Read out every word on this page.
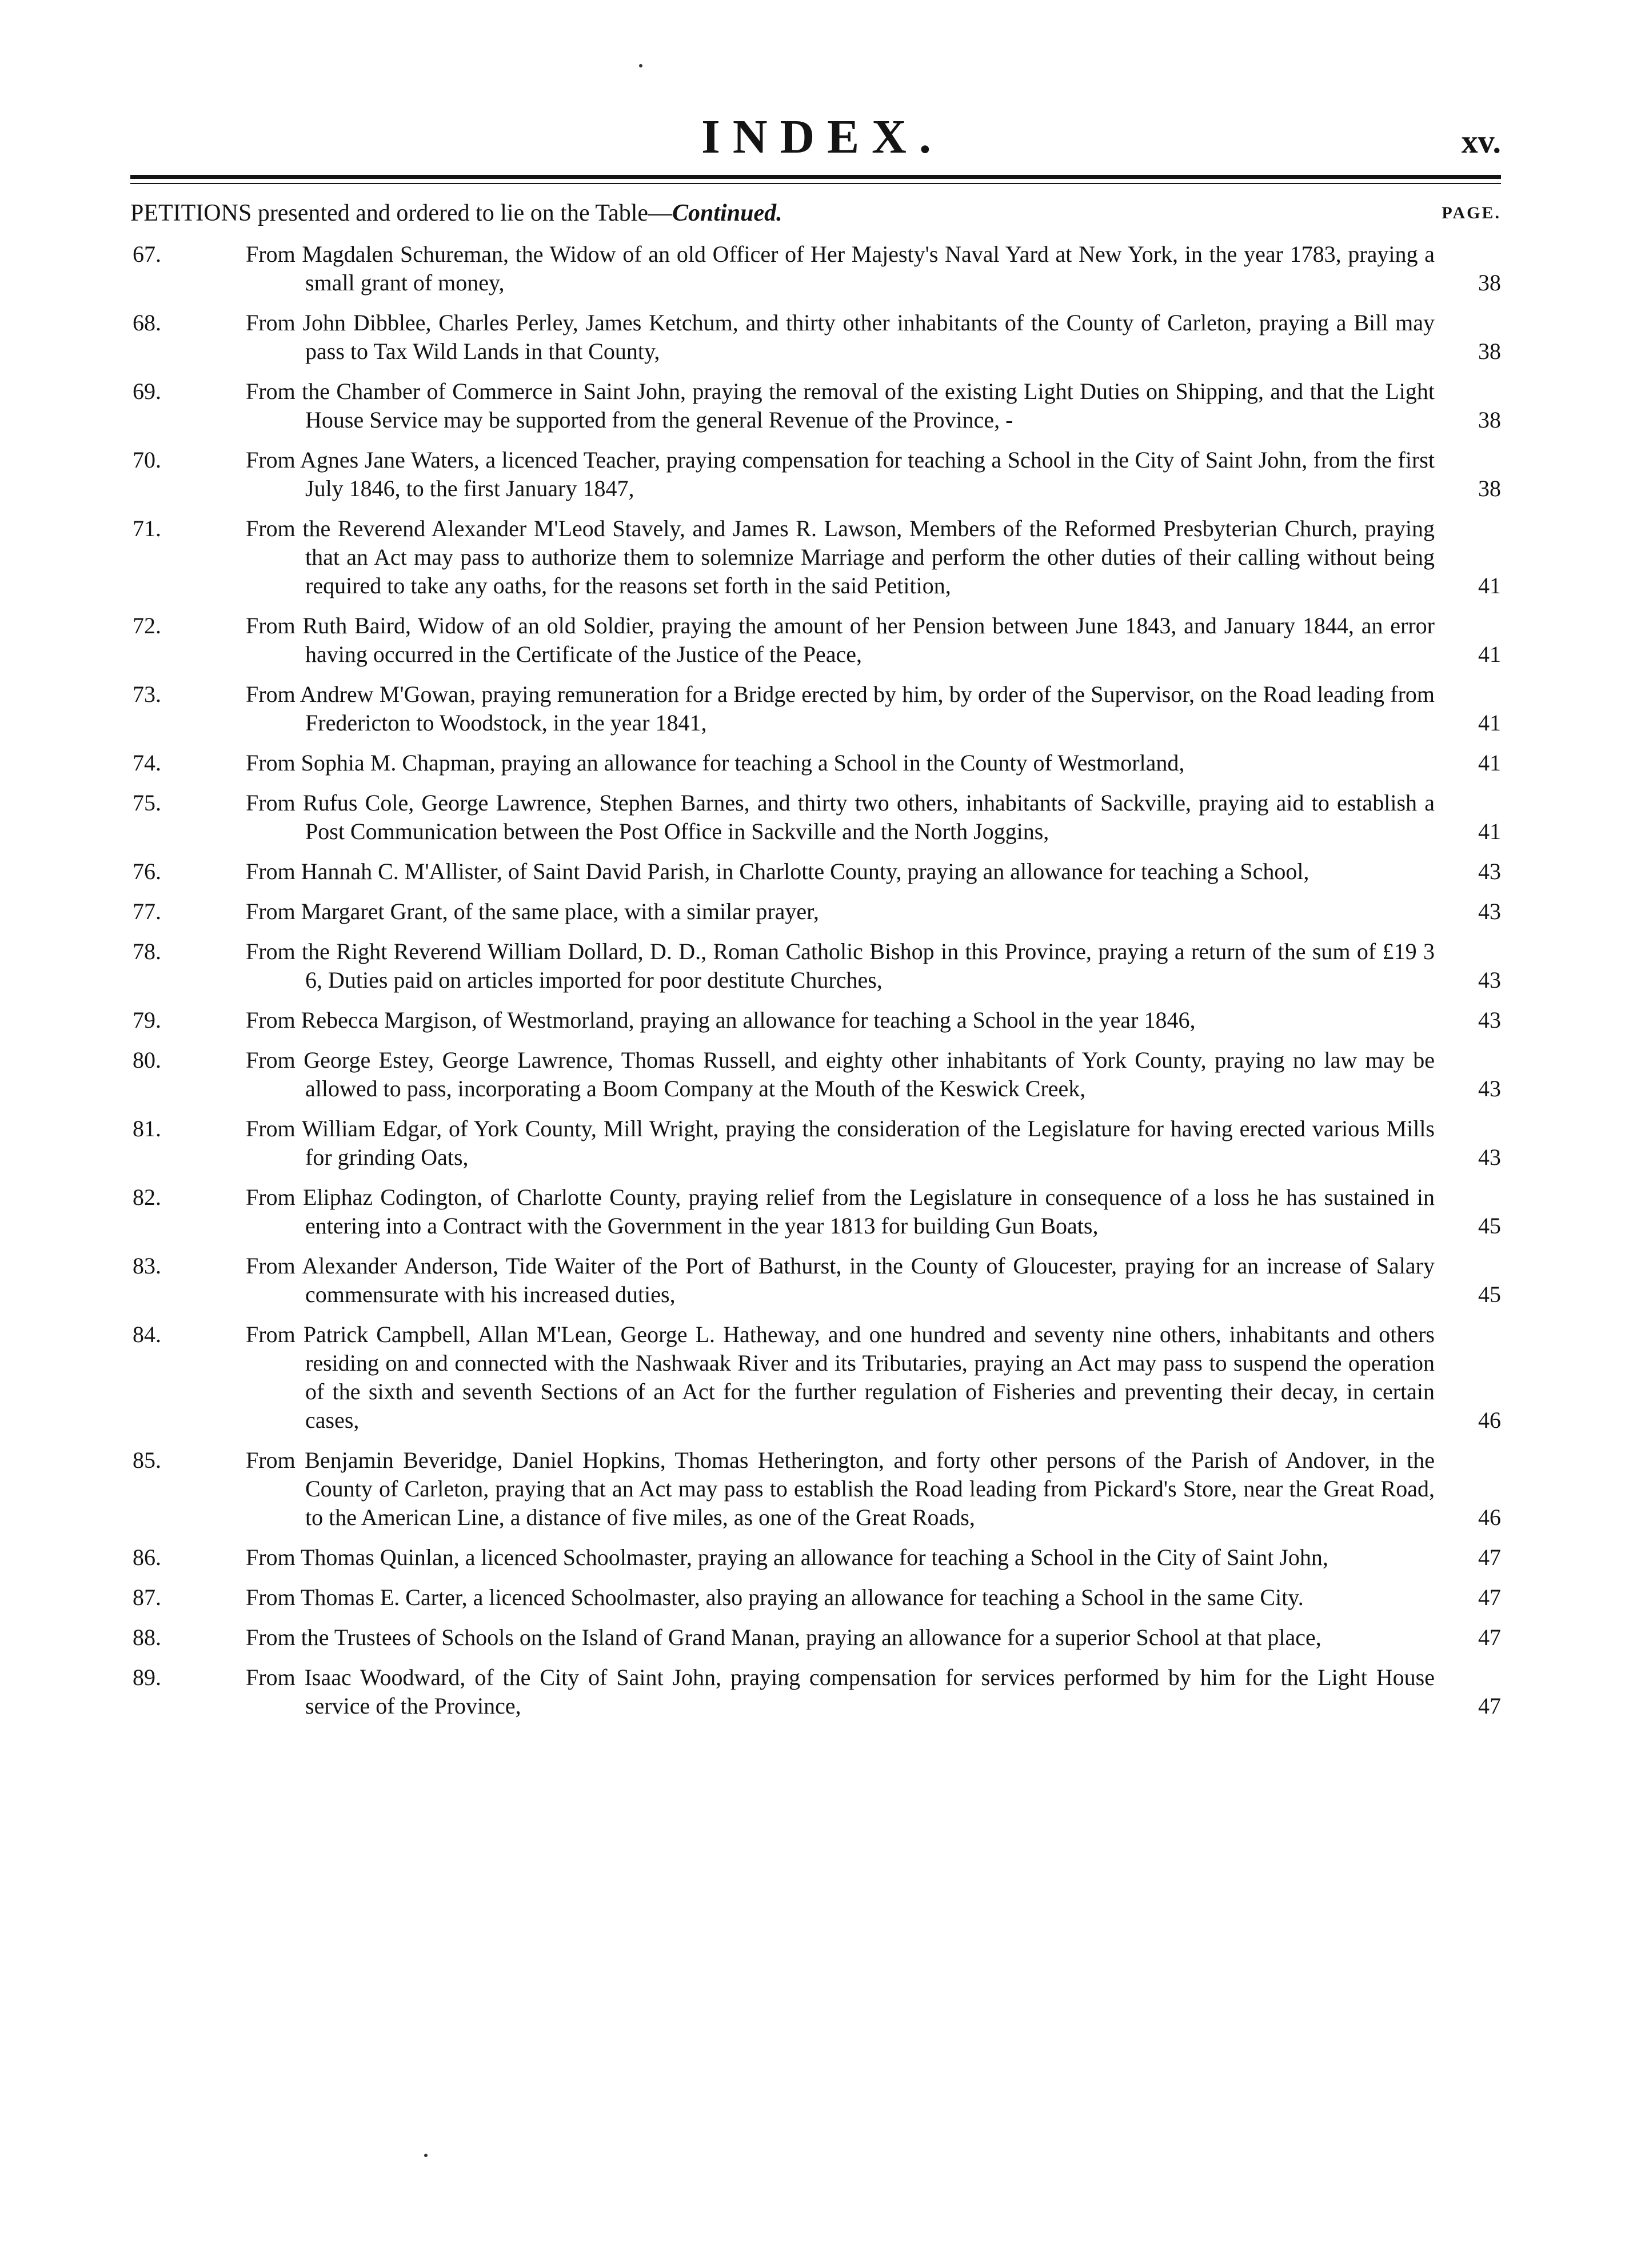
INDEX.	xv.
PETITIONS presented and ordered to lie on the Table—Continued.	PAGE.
67.	From Magdalen Schureman, the Widow of an old Officer of Her Majesty's Naval Yard at New York, in the year 1783, praying a small grant of money,	38
68.	From John Dibblee, Charles Perley, James Ketchum, and thirty other inhabitants of the County of Carleton, praying a Bill may pass to Tax Wild Lands in that County,	38
69.	From the Chamber of Commerce in Saint John, praying the removal of the existing Light Duties on Shipping, and that the Light House Service may be supported from the general Revenue of the Province, -	38
70.	From Agnes Jane Waters, a licenced Teacher, praying compensation for teaching a School in the City of Saint John, from the first July 1846, to the first January 1847,	38
71.	From the Reverend Alexander M'Leod Stavely, and James R. Lawson, Members of the Reformed Presbyterian Church, praying that an Act may pass to authorize them to solemnize Marriage and perform the other duties of their calling without being required to take any oaths, for the reasons set forth in the said Petition,	41
72.	From Ruth Baird, Widow of an old Soldier, praying the amount of her Pension between June 1843, and January 1844, an error having occurred in the Certificate of the Justice of the Peace,	41
73.	From Andrew M'Gowan, praying remuneration for a Bridge erected by him, by order of the Supervisor, on the Road leading from Fredericton to Woodstock, in the year 1841,	41
74.	From Sophia M. Chapman, praying an allowance for teaching a School in the County of Westmorland,	41
75.	From Rufus Cole, George Lawrence, Stephen Barnes, and thirty two others, inhabitants of Sackville, praying aid to establish a Post Communication between the Post Office in Sackville and the North Joggins,	41
76.	From Hannah C. M'Allister, of Saint David Parish, in Charlotte County, praying an allowance for teaching a School,	43
77.	From Margaret Grant, of the same place, with a similar prayer,	43
78.	From the Right Reverend William Dollard, D. D., Roman Catholic Bishop in this Province, praying a return of the sum of £19 3 6, Duties paid on articles imported for poor destitute Churches,	43
79.	From Rebecca Margison, of Westmorland, praying an allowance for teaching a School in the year 1846,	43
80.	From George Estey, George Lawrence, Thomas Russell, and eighty other inhabitants of York County, praying no law may be allowed to pass, incorporating a Boom Company at the Mouth of the Keswick Creek,	43
81.	From William Edgar, of York County, Mill Wright, praying the consideration of the Legislature for having erected various Mills for grinding Oats,	43
82.	From Eliphaz Codington, of Charlotte County, praying relief from the Legislature in consequence of a loss he has sustained in entering into a Contract with the Government in the year 1813 for building Gun Boats,	45
83.	From Alexander Anderson, Tide Waiter of the Port of Bathurst, in the County of Gloucester, praying for an increase of Salary commensurate with his increased duties,	45
84.	From Patrick Campbell, Allan M'Lean, George L. Hatheway, and one hundred and seventy nine others, inhabitants and others residing on and connected with the Nashwaak River and its Tributaries, praying an Act may pass to suspend the operation of the sixth and seventh Sections of an Act for the further regulation of Fisheries and preventing their decay, in certain cases,	46
85.	From Benjamin Beveridge, Daniel Hopkins, Thomas Hetherington, and forty other persons of the Parish of Andover, in the County of Carleton, praying that an Act may pass to establish the Road leading from Pickard's Store, near the Great Road, to the American Line, a distance of five miles, as one of the Great Roads,	46
86.	From Thomas Quinlan, a licenced Schoolmaster, praying an allowance for teaching a School in the City of Saint John,	47
87.	From Thomas E. Carter, a licenced Schoolmaster, also praying an allowance for teaching a School in the same City.	47
88.	From the Trustees of Schools on the Island of Grand Manan, praying an allowance for a superior School at that place,	47
89.	From Isaac Woodward, of the City of Saint John, praying compensation for services performed by him for the Light House service of the Province,	47
